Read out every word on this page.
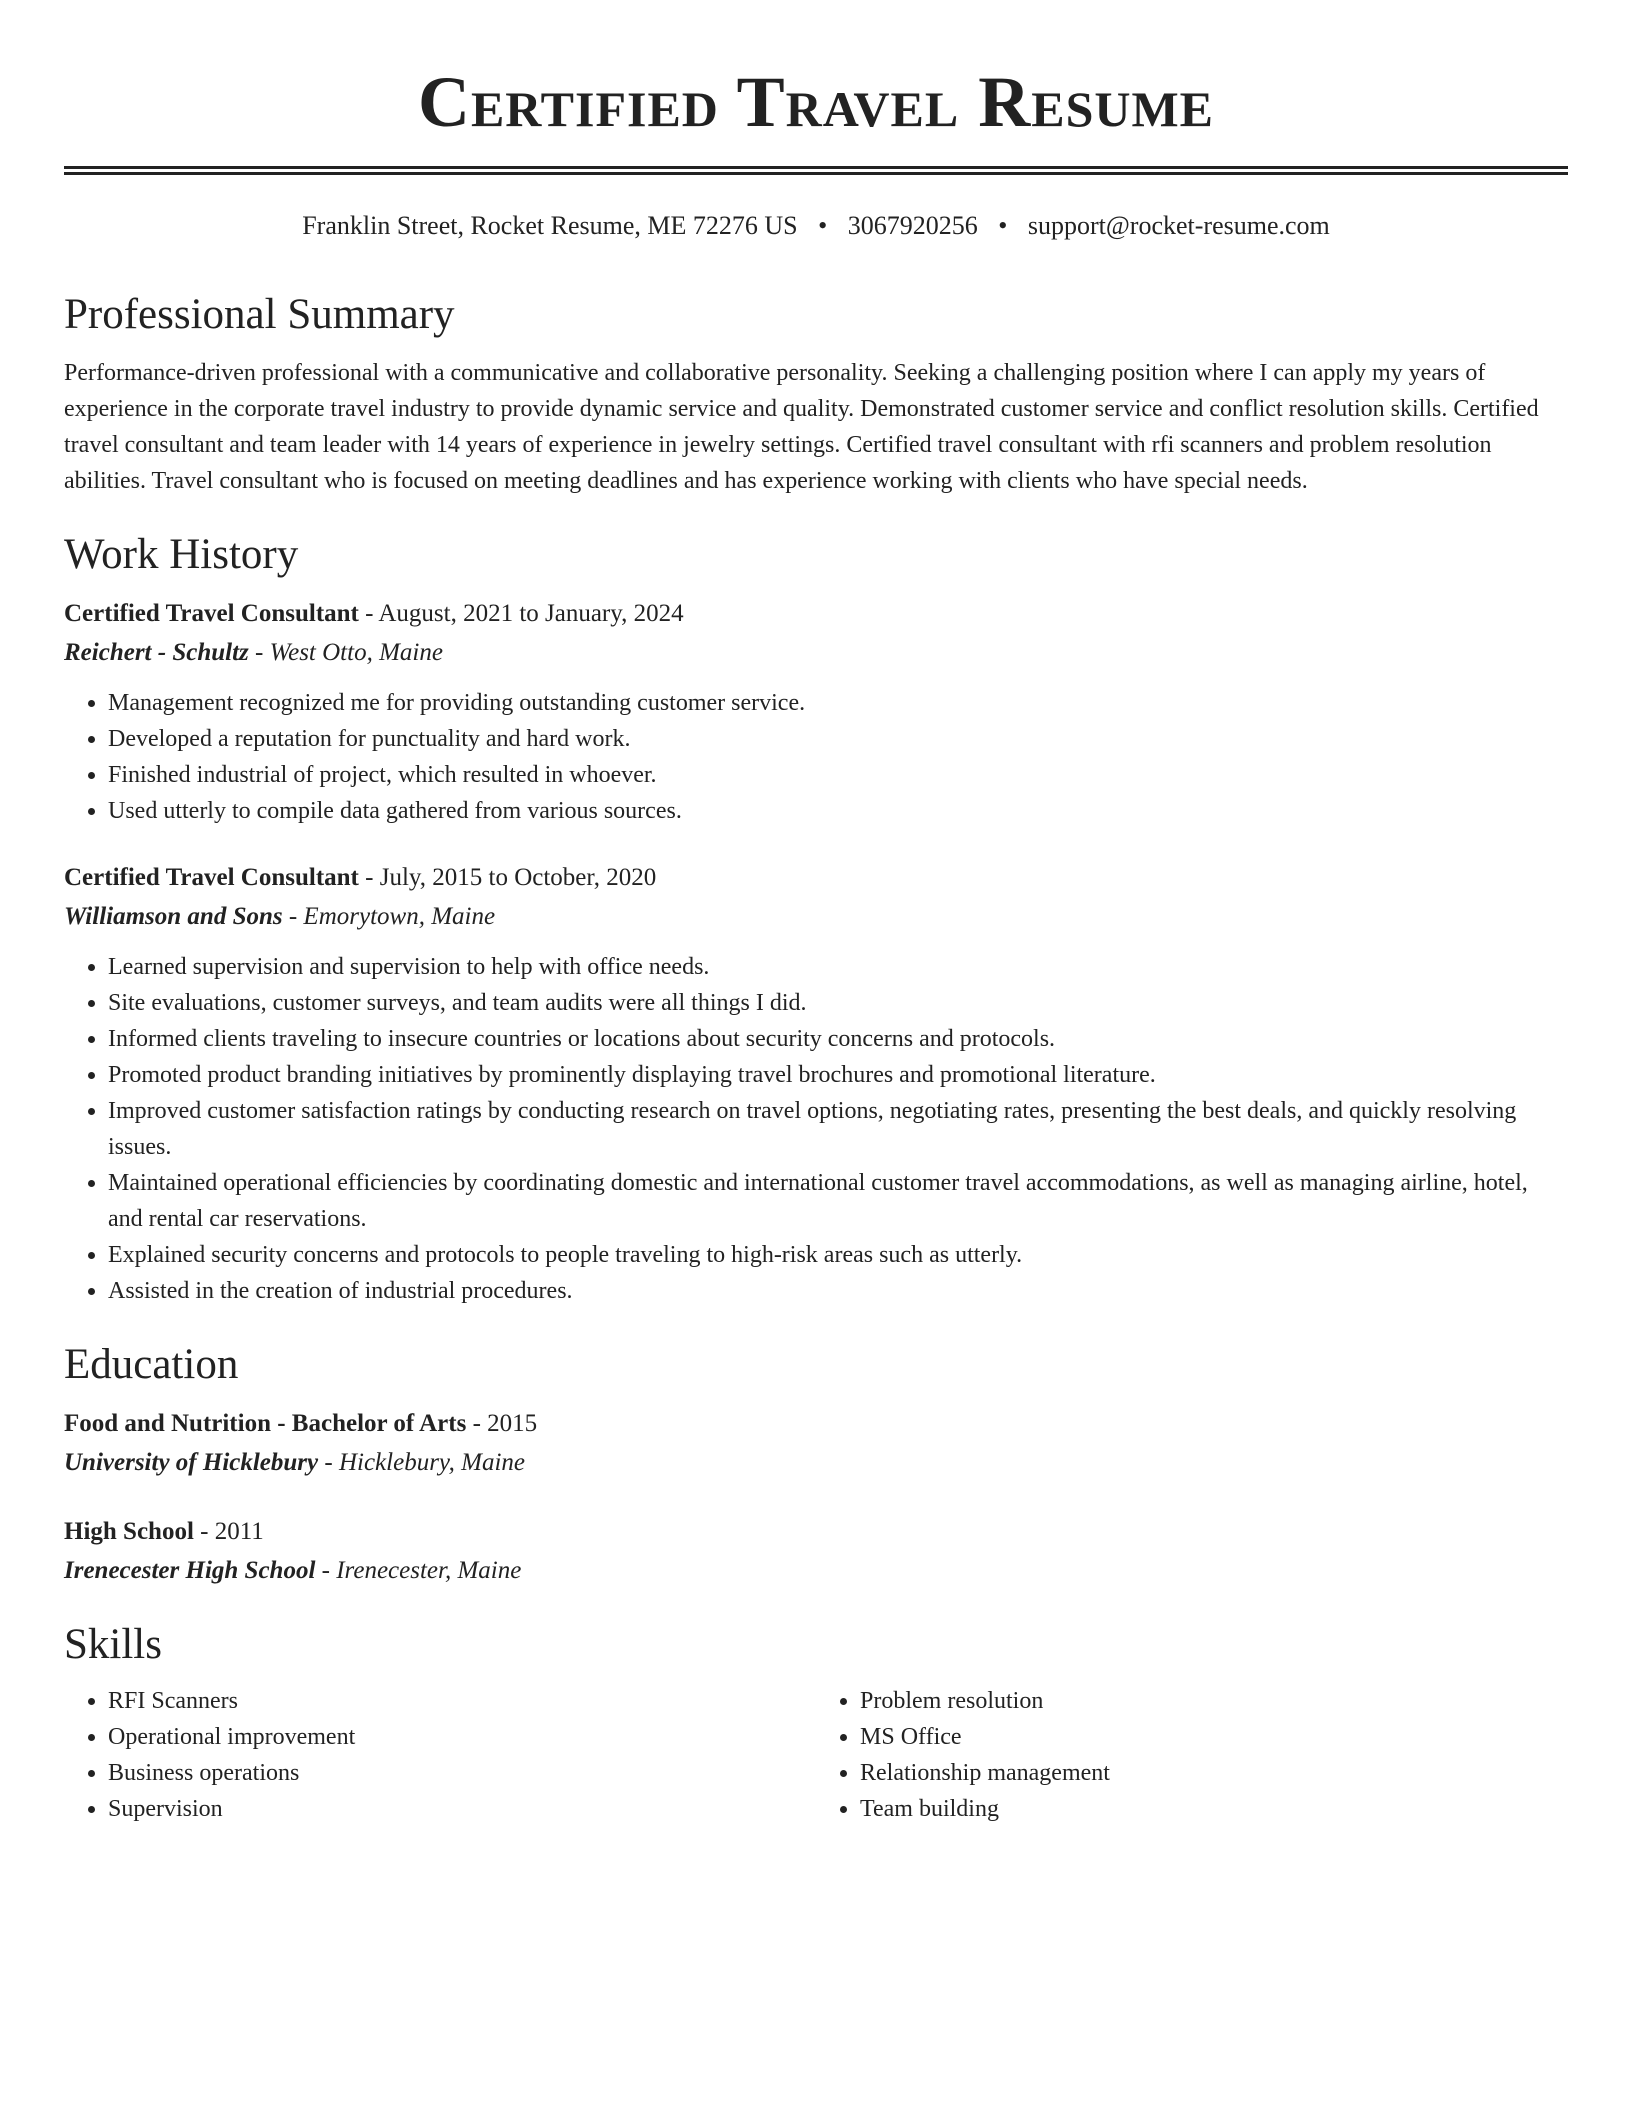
Certified Travel Resume
Franklin Street, Rocket Resume, ME 72276 US • 3067920256 • support@rocket-resume.com
Professional Summary
Performance-driven professional with a communicative and collaborative personality. Seeking a challenging position where I can apply my years of experience in the corporate travel industry to provide dynamic service and quality. Demonstrated customer service and conflict resolution skills. Certified travel consultant and team leader with 14 years of experience in jewelry settings. Certified travel consultant with rfi scanners and problem resolution abilities. Travel consultant who is focused on meeting deadlines and has experience working with clients who have special needs.
Work History
Certified Travel Consultant - August, 2021 to January, 2024
Reichert - Schultz - West Otto, Maine
• Management recognized me for providing outstanding customer service.
• Developed a reputation for punctuality and hard work.
• Finished industrial of project, which resulted in whoever.
• Used utterly to compile data gathered from various sources.
Certified Travel Consultant - July, 2015 to October, 2020
Williamson and Sons - Emorytown, Maine
• Learned supervision and supervision to help with office needs.
• Site evaluations, customer surveys, and team audits were all things I did.
• Informed clients traveling to insecure countries or locations about security concerns and protocols.
• Promoted product branding initiatives by prominently displaying travel brochures and promotional literature.
• Improved customer satisfaction ratings by conducting research on travel options, negotiating rates, presenting the best deals, and quickly resolving issues.
• Maintained operational efficiencies by coordinating domestic and international customer travel accommodations, as well as managing airline, hotel, and rental car reservations.
• Explained security concerns and protocols to people traveling to high-risk areas such as utterly.
• Assisted in the creation of industrial procedures.
Education
Food and Nutrition - Bachelor of Arts - 2015
University of Hicklebury - Hicklebury, Maine
High School - 2011
Irenecester High School - Irenecester, Maine
Skills
• RFI Scanners
• Operational improvement
• Business operations
• Supervision
• Problem resolution
• MS Office
• Relationship management
• Team building
